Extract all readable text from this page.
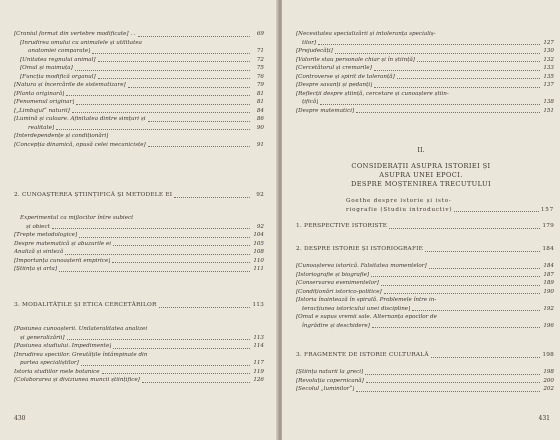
[Craniul format din vertebre modificate] . .	69
[Inrudirea omului cu animalele și utilitatea
anatomiei comparate]	71
[Unitatea regnului animal]	72
[Omul și maimuța]	75
[Funcția modifică organul]	76
[Natura și încercările de sistematizare]	79
[Planta originară]	81
[Fenomenul originar]	81
[„Limbajul“ naturii]	84
[Lumină și culoare. Afinitatea dintre simțuri și	86
realitate]	90
[Interdependențe și condiționări]
[Concepția dinamică, opusă celei mecaniciste]	91
2. CUNOAȘTEREA ȘTIINȚIFICĂ ȘI METODELE EI	92
Experimentul ca mijlocitor între subiect
și obiect	92
[Trepte metodologice]	104
Despre matematică și abuzurile ei	105
Analiză și sinteză	108
[Importanța cunoașterii empirice]	110
[Știința și arta]	111
3. MODALITĂȚILE ȘI ETICA CERCETĂRILOR	113
[Pasiunea cunoașterii. Unilateralitatea analizei
și generalizării]	113
[Pasiunea studiului. Impedimente]	114
[Inrudirea speciilor. Greutățile întâmpinate din
partea specialiștilor]	117
Istoria studiilor mele botanice	119
[Colaborarea și diviziunea muncii științifice]	126
430
[Necesitatea specializării și intoleranța specialiș-
tilor]	127
[Prejudecăți]	130
[Valorile stau personale chiar și în știință]	132
[Cercetătorul și cremarile]	133
[Controverse și spirit de toleranță]	135
[Despre savanți și pedanți]	137
[Reflecții despre știință, cercetare și cunoaștere știin-
țifică]	138
[Despre matematici]	151
II.
CONSIDERAȚII ASUPRA ISTORIEI ȘI
ASUPRA UNEI EPOCI.
DESPRE MOȘTENIREA TRECUTULUI
Goethe despre istorie și isto-
riografie (Studiu introductiv)	157
1. PERSPECTIVE ISTORISTE	179
2. DESPRE ISTORIE ȘI ISTORIOGRAFIE	184
[Cunoașterea istorică. Falsitatea momentelor]	184
[Istoriografie și biografie]	187
[Conservarea evenimentelor]	189
[Condiționări istorico-politice]	190
[Istoria înaintează în spirală. Problemele între in-
teracțiunea istoricului unei discipline]	192
[Omul e supus vremii sale. Alternanța epocilor de
îngrădire și deschidere]	196
3. FRAGMENTE DE ISTORIE CULTURALĂ	198
[Știința naturii la greci]	198
[Revoluția copernicană]	200
[Secolul „luminilor“]	202
431
